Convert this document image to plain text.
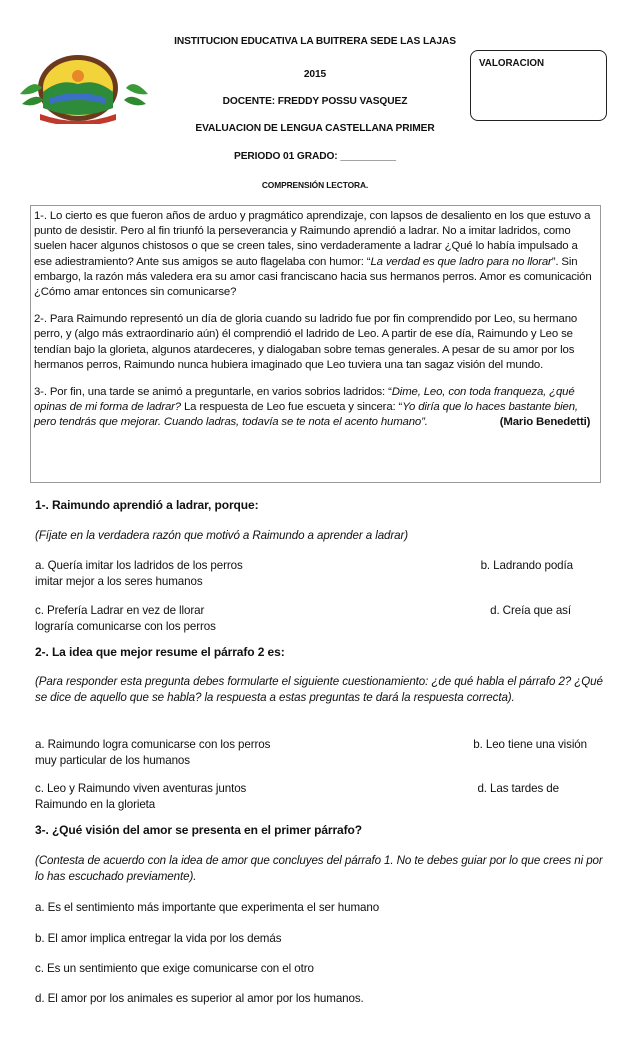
INSTITUCION EDUCATIVA LA BUITRERA SEDE LAS LAJAS
2015
DOCENTE: FREDDY POSSU VASQUEZ
EVALUACION DE LENGUA CASTELLANA PRIMER
PERIODO 01 GRADO: __________
COMPRENSIÓN LECTORA.
VALORACION

1-. Lo cierto es que fueron años de arduo y pragmático aprendizaje, con lapsos de desaliento en los que estuvo a punto de desistir. Pero al fin triunfó la perseverancia y Raimundo aprendió a ladrar. No a imitar ladridos, como suelen hacer algunos chistosos o que se creen tales, sino verdaderamente a ladrar ¿Qué lo había impulsado a ese adiestramiento? Ante sus amigos se auto flagelaba con humor: “La verdad es que ladro para no llorar”. Sin embargo, la razón más valedera era su amor casi franciscano hacia sus hermanos perros. Amor es comunicación ¿Cómo amar entonces sin comunicarse?

2-. Para Raimundo representó un día de gloria cuando su ladrido fue por fin comprendido por Leo, su hermano perro, y (algo más extraordinario aún) él comprendió el ladrido de Leo. A partir de ese día, Raimundo y Leo se tendían bajo la glorieta, algunos atardeceres, y dialogaban sobre temas generales. A pesar de su amor por los hermanos perros, Raimundo nunca hubiera imaginado que Leo tuviera una tan sagaz visión del mundo.

3-. Por fin, una tarde se animó a preguntarle, en varios sobrios ladridos: “Dime, Leo, con toda franqueza, ¿qué opinas de mi forma de ladrar? La respuesta de Leo fue escueta y sincera: “Yo diría que lo haces bastante bien, pero tendrás que mejorar. Cuando ladras, todavía se te nota el acento humano”.	(Mario Benedetti)

1-. Raimundo aprendió a ladrar, porque:
(Fíjate en la verdadera razón que motivó a Raimundo a aprender a ladrar)
a. Quería imitar los ladridos de los perros	b. Ladrando podía
imitar mejor a los seres humanos
c. Prefería Ladrar en vez de llorar	d. Creía que así
lograría comunicarse con los perros
2-. La idea que mejor resume el párrafo 2 es:
(Para responder esta pregunta debes formularte el siguiente cuestionamiento: ¿de qué habla el párrafo 2? ¿Qué se dice de aquello que se habla? la respuesta a estas preguntas te dará la respuesta correcta).
a. Raimundo logra comunicarse con los perros	b. Leo tiene una visión
muy particular de los humanos
c. Leo y Raimundo viven aventuras juntos	d. Las tardes de
Raimundo en la glorieta
3-. ¿Qué visión del amor se presenta en el primer párrafo?
(Contesta de acuerdo con la idea de amor que concluyes del párrafo 1. No te debes guiar por lo que crees ni por lo has escuchado previamente).
a. Es el sentimiento más importante que experimenta el ser humano
b. El amor implica entregar la vida por los demás
c. Es un sentimiento que exige comunicarse con el otro
d. El amor por los animales es superior al amor por los humanos.
